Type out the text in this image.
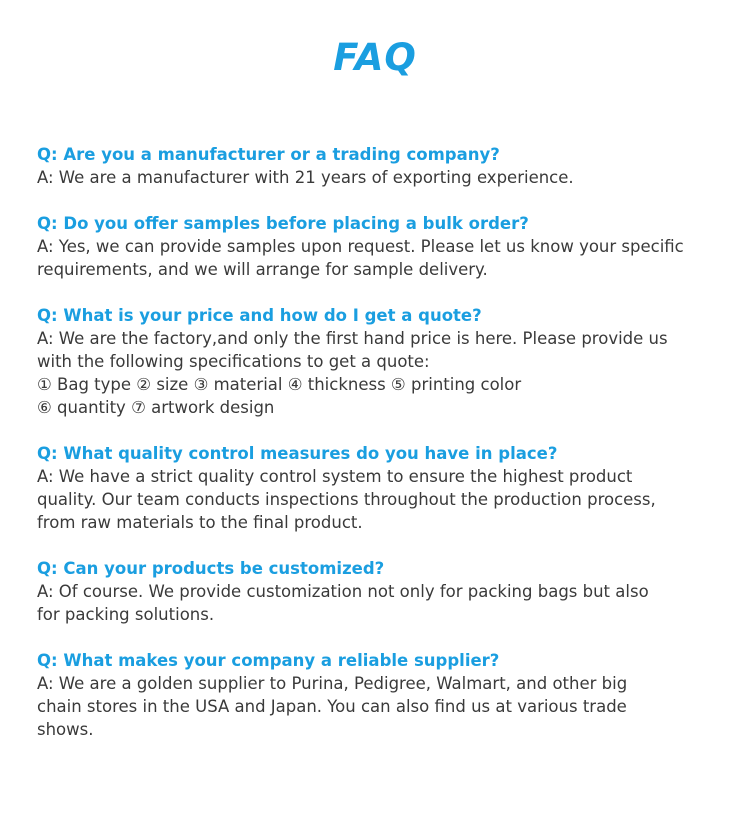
FAQ
Q: Are you a manufacturer or a trading company?
A: We are a manufacturer with 21 years of exporting experience.
Q: Do you offer samples before placing a bulk order?
A: Yes, we can provide samples upon request. Please let us know your specific
requirements, and we will arrange for sample delivery.
Q: What is your price and how do I get a quote?
A: We are the factory,and only the first hand price is here. Please provide us
with the following specifications to get a quote:
① Bag type ② size ③ material ④ thickness ⑤ printing color
⑥ quantity ⑦ artwork design
Q: What quality control measures do you have in place?
A: We have a strict quality control system to ensure the highest product
quality. Our team conducts inspections throughout the production process,
from raw materials to the final product.
Q: Can your products be customized?
A: Of course. We provide customization not only for packing bags but also
for packing solutions.
Q: What makes your company a reliable supplier?
A: We are a golden supplier to Purina, Pedigree, Walmart, and other big
chain stores in the USA and Japan. You can also find us at various trade
shows.
